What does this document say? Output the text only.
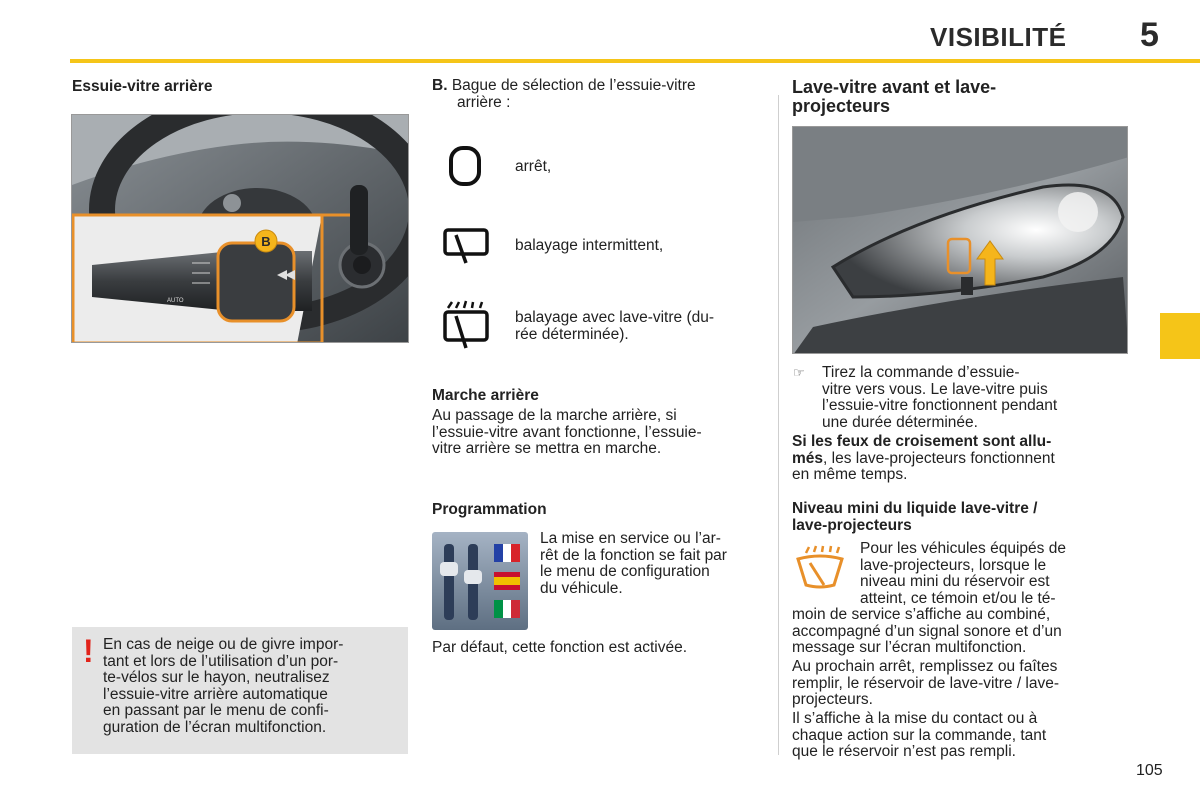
VISIBILITÉ 5
Essuie-vitre arrière
B
AUTO
! En cas de neige ou de givre impor-
tant et lors de l’utilisation d’un por-
te-vélos sur le hayon, neutralisez
l’essuie-vitre arrière automatique
en passant par le menu de confi-
guration de l’écran multifonction.
B. Bague de sélection de l’essuie-vitre
arrière :
arrêt,
balayage intermittent,
balayage avec lave-vitre (du-
rée déterminée).
Marche arrière
Au passage de la marche arrière, si
l’essuie-vitre avant fonctionne, l’essuie-
vitre arrière se mettra en marche.
Programmation
La mise en service ou l’ar-
rêt de la fonction se fait par
le menu de configuration
du véhicule.
Par défaut, cette fonction est activée.
Lave-vitre avant et lave-
projecteurs
☞ Tirez la commande d’essuie-
vitre vers vous. Le lave-vitre puis
l’essuie-vitre fonctionnent pendant
une durée déterminée.
Si les feux de croisement sont allu-
més, les lave-projecteurs fonctionnent
en même temps.
Niveau mini du liquide lave-vitre /
lave-projecteurs
Pour les véhicules équipés de
lave-projecteurs, lorsque le
niveau mini du réservoir est
atteint, ce témoin et/ou le té-
moin de service s’affiche au combiné,
accompagné d’un signal sonore et d’un
message sur l’écran multifonction.
Au prochain arrêt, remplissez ou faîtes
remplir, le réservoir de lave-vitre / lave-
projecteurs.
Il s’affiche à la mise du contact ou à
chaque action sur la commande, tant
que le réservoir n’est pas rempli.
105
